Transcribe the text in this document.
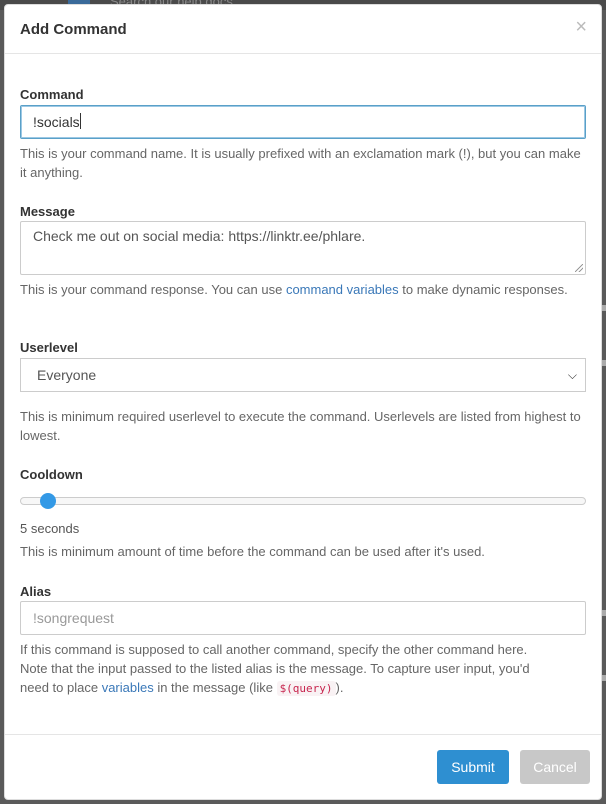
Add Command	×
Command
!socials
This is your command name. It is usually prefixed with an exclamation mark (!), but you can make it anything.
Message
Check me out on social media: https://linktr.ee/phlare.
This is your command response. You can use command variables to make dynamic responses.
Userlevel
Everyone	⌵
This is minimum required userlevel to execute the command. Userlevels are listed from highest to lowest.
Cooldown
5 seconds
This is minimum amount of time before the command can be used after it's used.
Alias
!songrequest
If this command is supposed to call another command, specify the other command here.
Note that the input passed to the listed alias is the message. To capture user input, you'd
need to place variables in the message (like $(query) ).
Submit	Cancel
